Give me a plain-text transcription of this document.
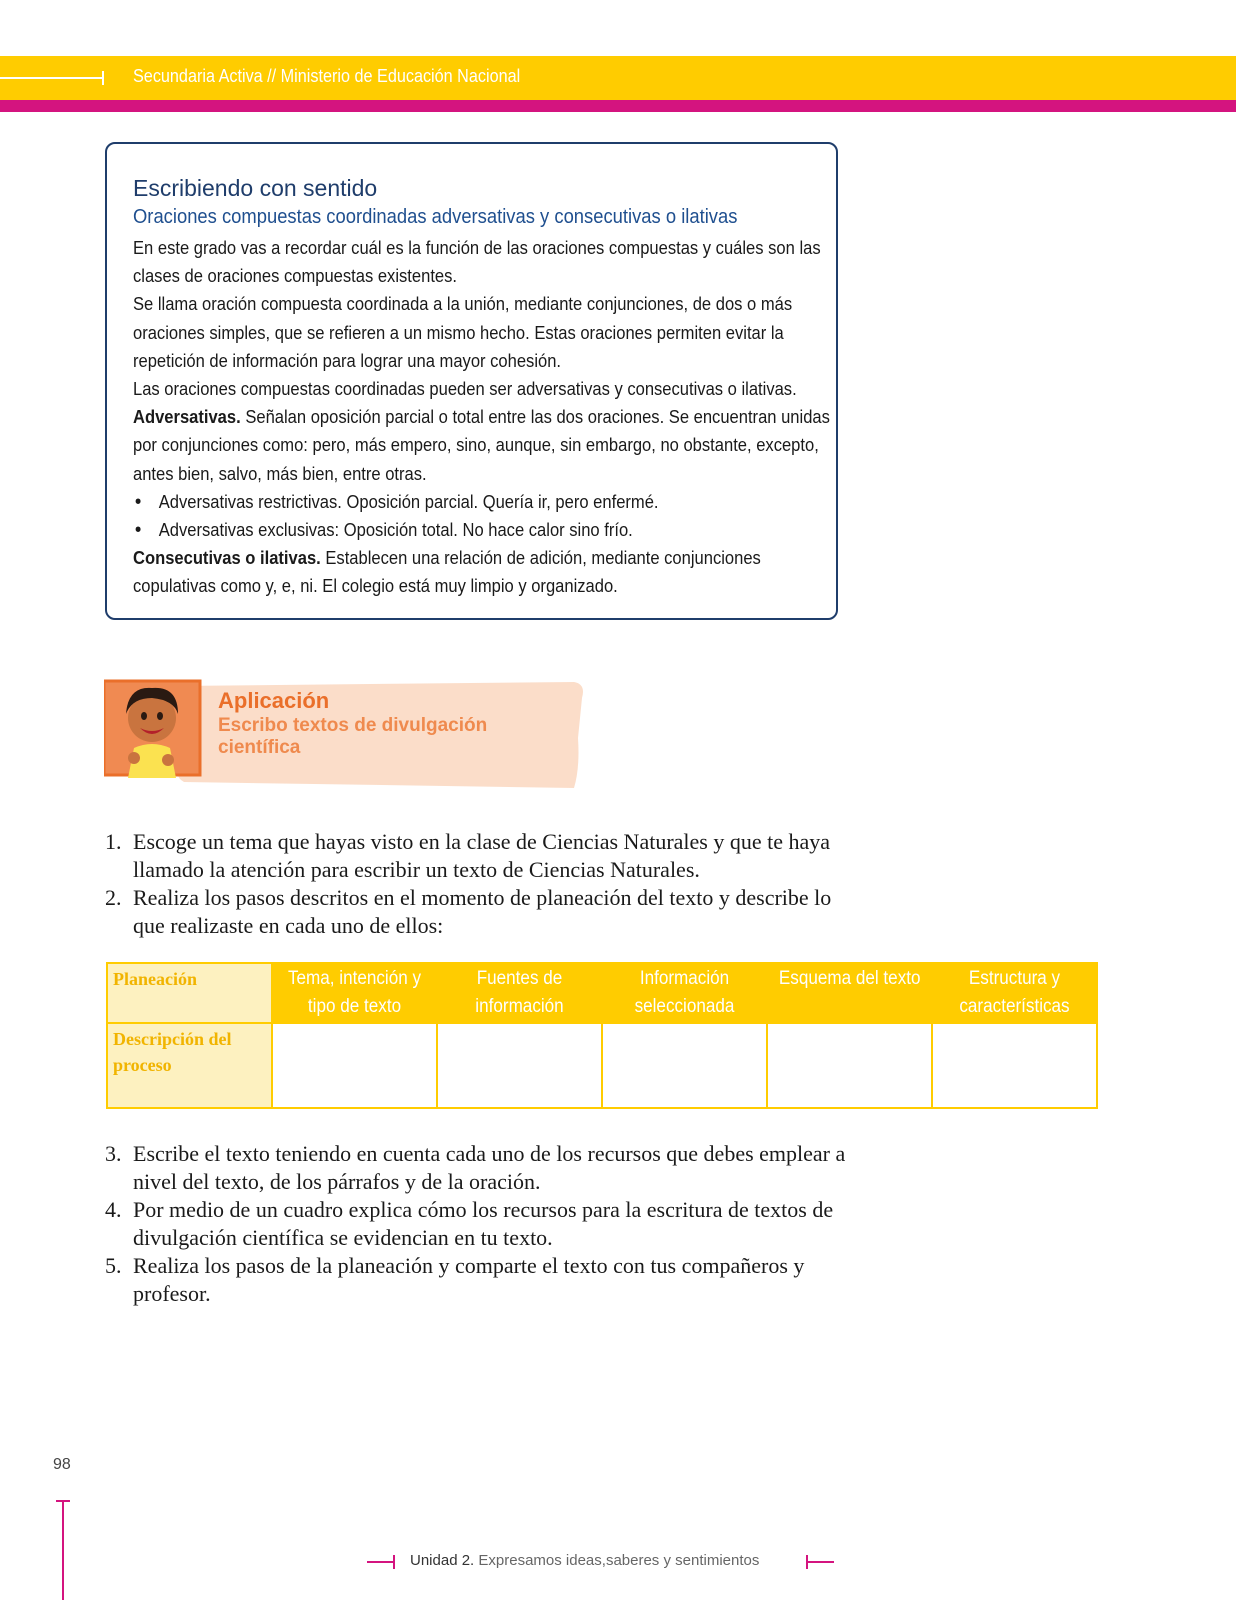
Secundaria Activa // Ministerio de Educación Nacional
Escribiendo con sentido
Oraciones compuestas coordinadas adversativas y consecutivas o ilativas

En este grado vas a recordar cuál es la función de las oraciones compuestas y cuáles son las clases de oraciones compuestas existentes.

Se llama oración compuesta coordinada a la unión, mediante conjunciones, de dos o más oraciones simples, que se refieren a un mismo hecho. Estas oraciones permiten evitar la repetición de información para lograr una mayor cohesión.

Las oraciones compuestas coordinadas pueden ser adversativas y consecutivas o ilativas.

Adversativas. Señalan oposición parcial o total entre las dos oraciones. Se encuentran unidas por conjunciones como: pero, más empero, sino, aunque, sin embargo, no obstante, excepto, antes bien, salvo, más bien, entre otras.

• Adversativas restrictivas. Oposición parcial. Quería ir, pero enfermé.
• Adversativas exclusivas: Oposición total. No hace calor sino frío.

Consecutivas o ilativas. Establecen una relación de adición, mediante conjunciones copulativas como y, e, ni. El colegio está muy limpio y organizado.

Aplicación
Escribo textos de divulgación científica
1. Escoge un tema que hayas visto en la clase de Ciencias Naturales y que te haya llamado la atención para escribir un texto de Ciencias Naturales.
2. Realiza los pasos descritos en el momento de planeación del texto y describe lo que realizaste en cada uno de ellos:
Planeación	Tema, intención y tipo de texto	Fuentes de información	Información seleccionada	Esquema del texto	Estructura y características
Descripción del proceso					
3. Escribe el texto teniendo en cuenta cada uno de los recursos que debes emplear a nivel del texto, de los párrafos y de la oración.
4. Por medio de un cuadro explica cómo los recursos para la escritura de textos de divulgación científica se evidencian en tu texto.
5. Realiza los pasos de la planeación y comparte el texto con tus compañeros y profesor.
98
Unidad 2. Expresamos ideas,saberes y sentimientos
